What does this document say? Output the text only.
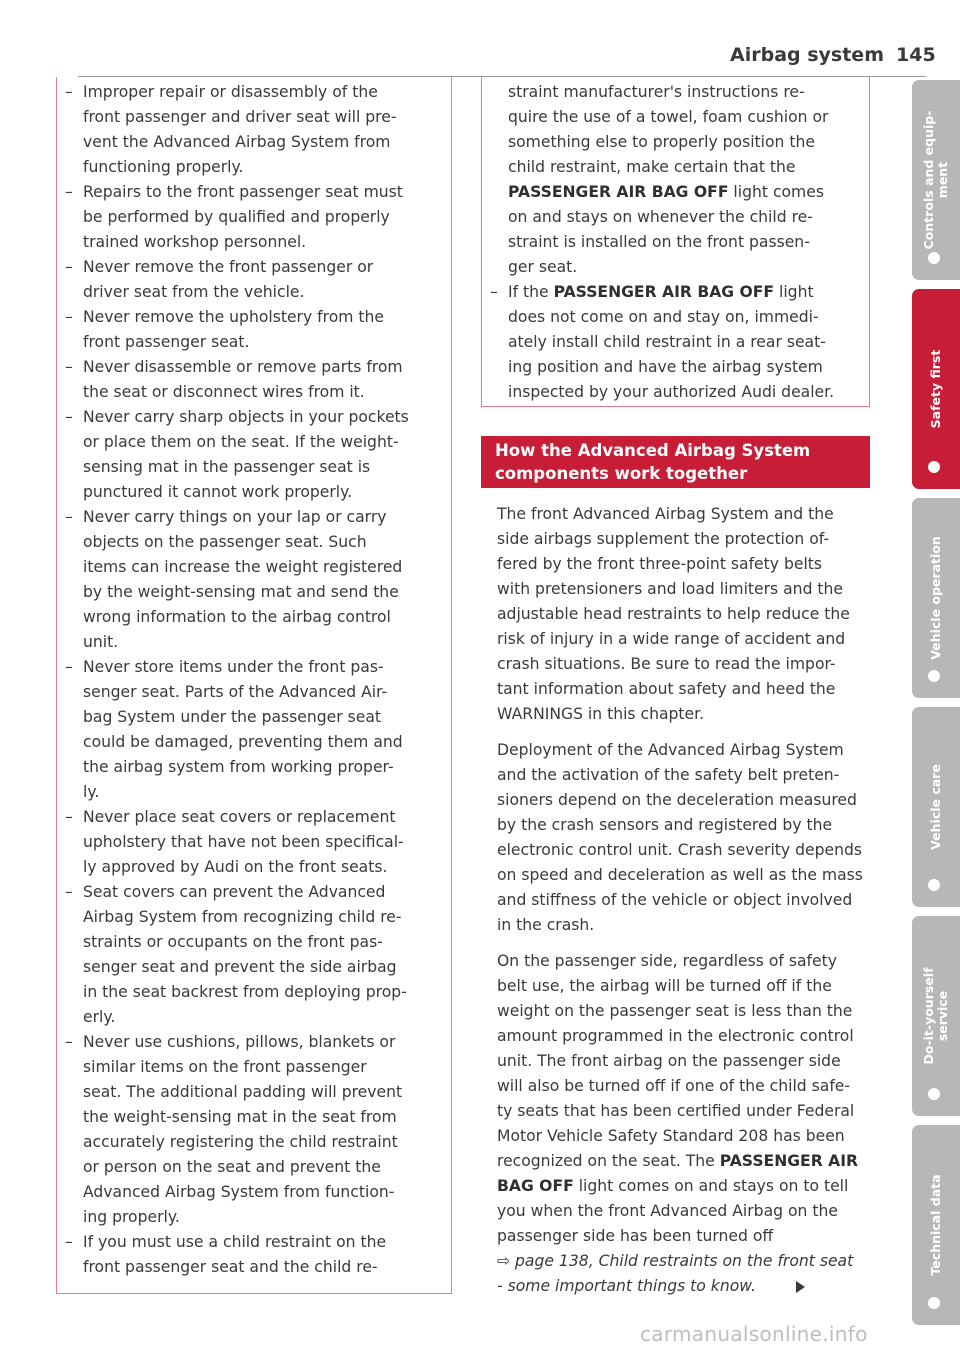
Airbag system 145
– Improper repair or disassembly of the
front passenger and driver seat will pre-
vent the Advanced Airbag System from
functioning properly.
– Repairs to the front passenger seat must
be performed by qualified and properly
trained workshop personnel.
– Never remove the front passenger or
driver seat from the vehicle.
– Never remove the upholstery from the
front passenger seat.
– Never disassemble or remove parts from
the seat or disconnect wires from it.
– Never carry sharp objects in your pockets
or place them on the seat. If the weight-
sensing mat in the passenger seat is
punctured it cannot work properly.
– Never carry things on your lap or carry
objects on the passenger seat. Such
items can increase the weight registered
by the weight-sensing mat and send the
wrong information to the airbag control
unit.
– Never store items under the front pas-
senger seat. Parts of the Advanced Air-
bag System under the passenger seat
could be damaged, preventing them and
the airbag system from working proper-
ly.
– Never place seat covers or replacement
upholstery that have not been specifical-
ly approved by Audi on the front seats.
– Seat covers can prevent the Advanced
Airbag System from recognizing child re-
straints or occupants on the front pas-
senger seat and prevent the side airbag
in the seat backrest from deploying prop-
erly.
– Never use cushions, pillows, blankets or
similar items on the front passenger
seat. The additional padding will prevent
the weight-sensing mat in the seat from
accurately registering the child restraint
or person on the seat and prevent the
Advanced Airbag System from function-
ing properly.
– If you must use a child restraint on the
front passenger seat and the child re-
straint manufacturer's instructions re-
quire the use of a towel, foam cushion or
something else to properly position the
child restraint, make certain that the
PASSENGER AIR BAG OFF light comes
on and stays on whenever the child re-
straint is installed on the front passen-
ger seat.
– If the PASSENGER AIR BAG OFF light
does not come on and stay on, immedi-
ately install child restraint in a rear seat-
ing position and have the airbag system
inspected by your authorized Audi dealer.
How the Advanced Airbag System
components work together

The front Advanced Airbag System and the
side airbags supplement the protection of-
fered by the front three-point safety belts
with pretensioners and load limiters and the
adjustable head restraints to help reduce the
risk of injury in a wide range of accident and
crash situations. Be sure to read the impor-
tant information about safety and heed the
WARNINGS in this chapter.

Deployment of the Advanced Airbag System
and the activation of the safety belt preten-
sioners depend on the deceleration measured
by the crash sensors and registered by the
electronic control unit. Crash severity depends
on speed and deceleration as well as the mass
and stiffness of the vehicle or object involved
in the crash.

On the passenger side, regardless of safety
belt use, the airbag will be turned off if the
weight on the passenger seat is less than the
amount programmed in the electronic control
unit. The front airbag on the passenger side
will also be turned off if one of the child safe-
ty seats that has been certified under Federal
Motor Vehicle Safety Standard 208 has been
recognized on the seat. The PASSENGER AIR
BAG OFF light comes on and stays on to tell
you when the front Advanced Airbag on the
passenger side has been turned off
⇨ page 138, Child restraints on the front seat
- some important things to know.

Controls and equip- ment
Safety first
Vehicle operation
Vehicle care
Do-it-yourself service
Technical data
carmanualsonline.info
